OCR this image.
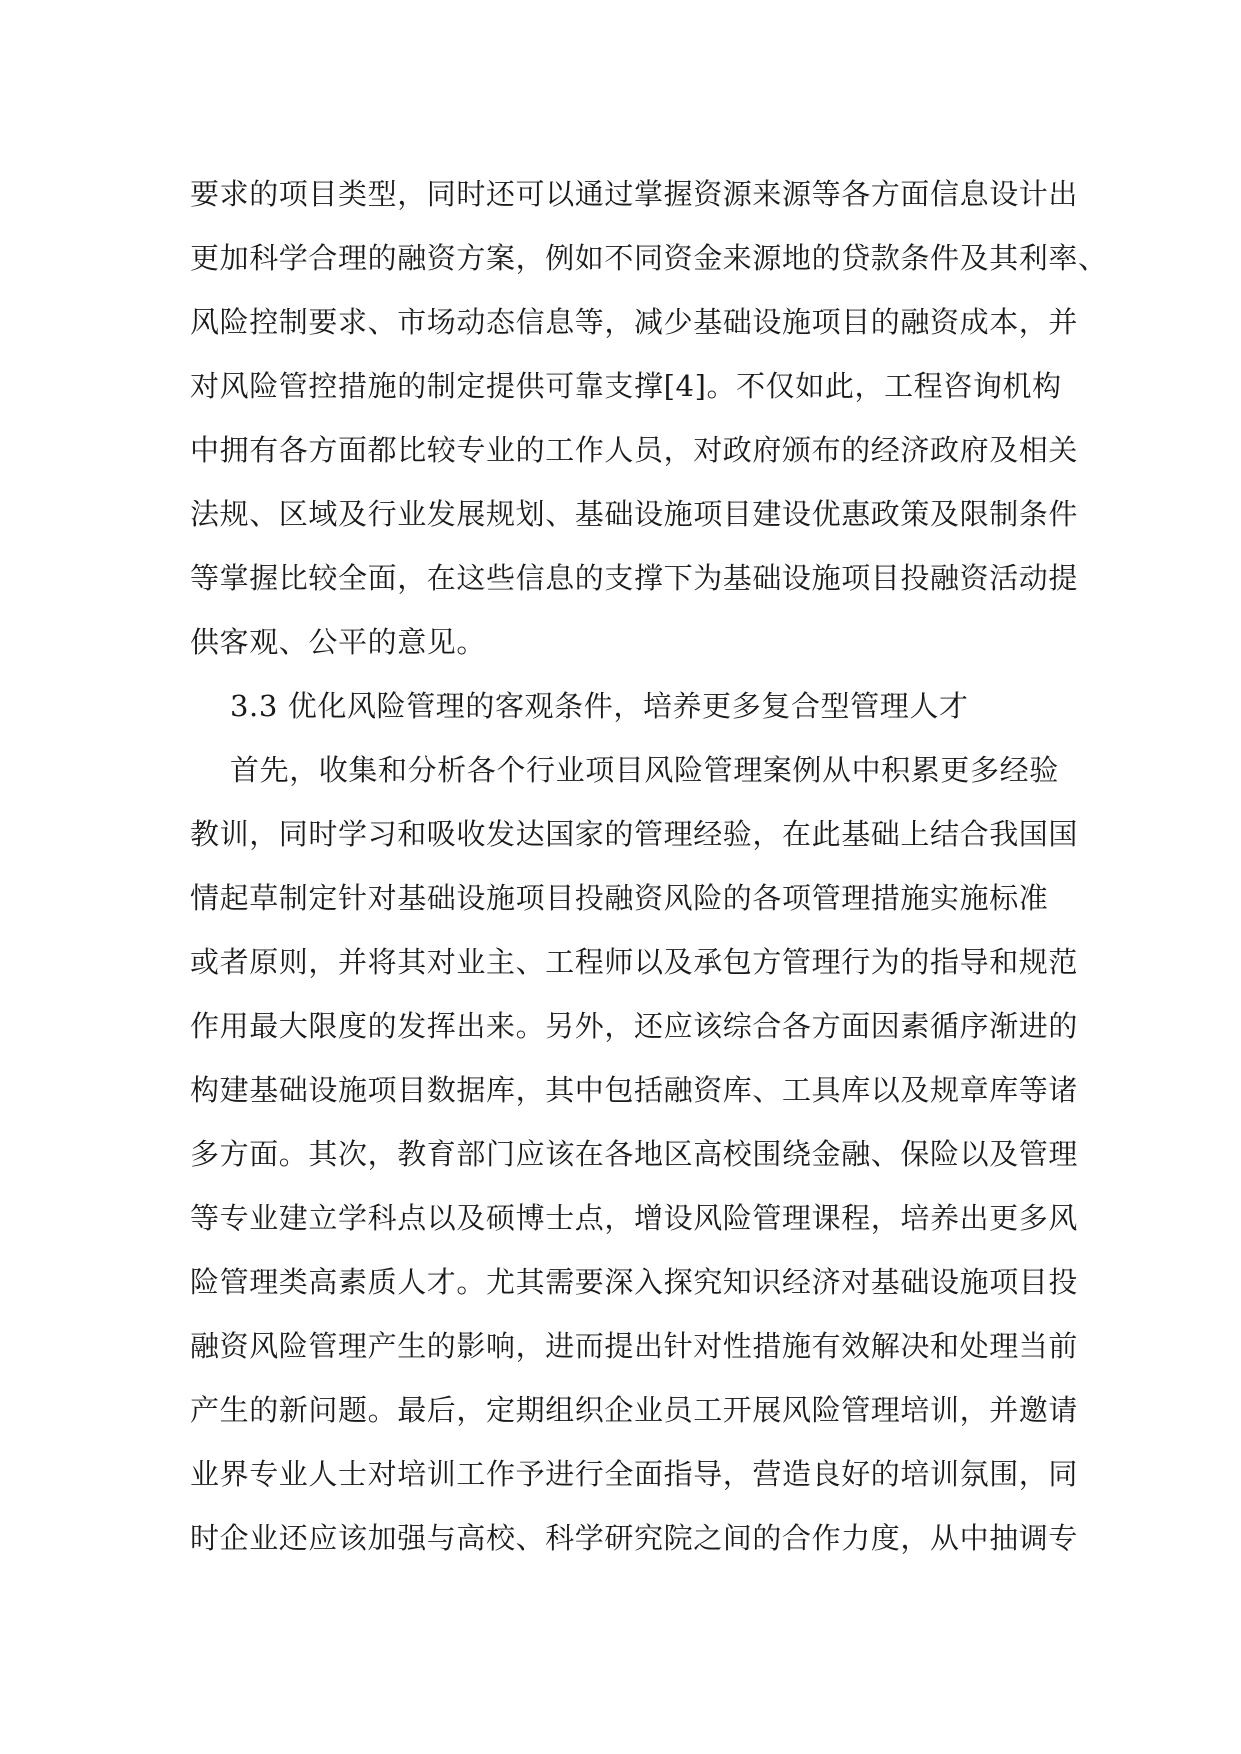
要求的项目类型，同时还可以通过掌握资源来源等各方面信息设计出
更加科学合理的融资方案，例如不同资金来源地的贷款条件及其利率、
风险控制要求、市场动态信息等，减少基础设施项目的融资成本，并
对风险管控措施的制定提供可靠支撑[4]。不仅如此，工程咨询机构
中拥有各方面都比较专业的工作人员，对政府颁布的经济政府及相关
法规、区域及行业发展规划、基础设施项目建设优惠政策及限制条件
等掌握比较全面，在这些信息的支撑下为基础设施项目投融资活动提
供客观、公平的意见。
3.3 优化风险管理的客观条件，培养更多复合型管理人才
首先，收集和分析各个行业项目风险管理案例从中积累更多经验
教训，同时学习和吸收发达国家的管理经验，在此基础上结合我国国
情起草制定针对基础设施项目投融资风险的各项管理措施实施标准
或者原则，并将其对业主、工程师以及承包方管理行为的指导和规范
作用最大限度的发挥出来。另外，还应该综合各方面因素循序渐进的
构建基础设施项目数据库，其中包括融资库、工具库以及规章库等诸
多方面。其次，教育部门应该在各地区高校围绕金融、保险以及管理
等专业建立学科点以及硕博士点，增设风险管理课程，培养出更多风
险管理类高素质人才。尤其需要深入探究知识经济对基础设施项目投
融资风险管理产生的影响，进而提出针对性措施有效解决和处理当前
产生的新问题。最后，定期组织企业员工开展风险管理培训，并邀请
业界专业人士对培训工作予进行全面指导，营造良好的培训氛围，同
时企业还应该加强与高校、科学研究院之间的合作力度，从中抽调专
